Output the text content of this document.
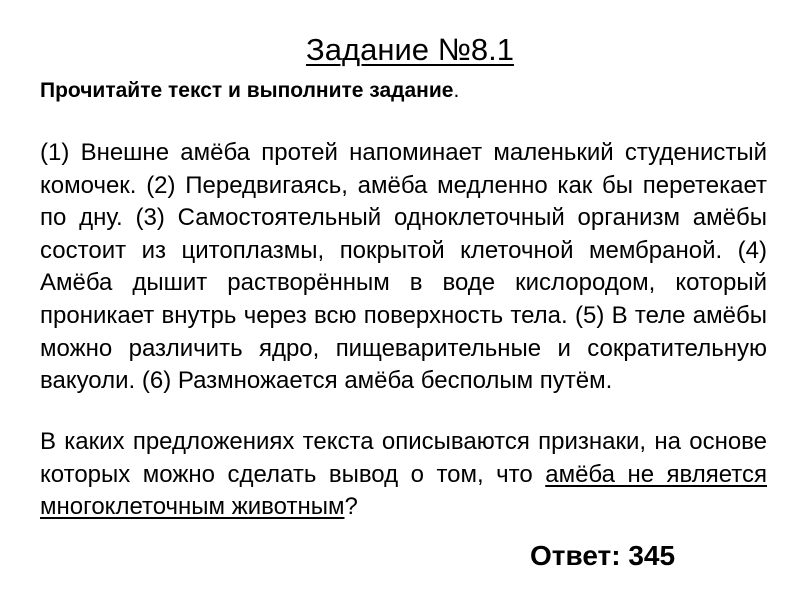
Задание №8.1
Прочитайте текст и выполните задание.
(1) Внешне амёба протей напоминает маленький студенистый комочек. (2) Передвигаясь, амёба медленно как бы перетекает по дну. (3) Самостоятельный одноклеточный организм амёбы состоит из цитоплазмы, покрытой клеточной мембраной. (4) Амёба дышит растворённым в воде кислородом, который проникает внутрь через всю поверхность тела. (5) В теле амёбы можно различить ядро, пищеварительные и сократительную вакуоли. (6) Размножается амёба бесполым путём.
В каких предложениях текста описываются признаки, на основе которых можно сделать вывод о том, что амёба не является многоклеточным животным?
Ответ: 345
